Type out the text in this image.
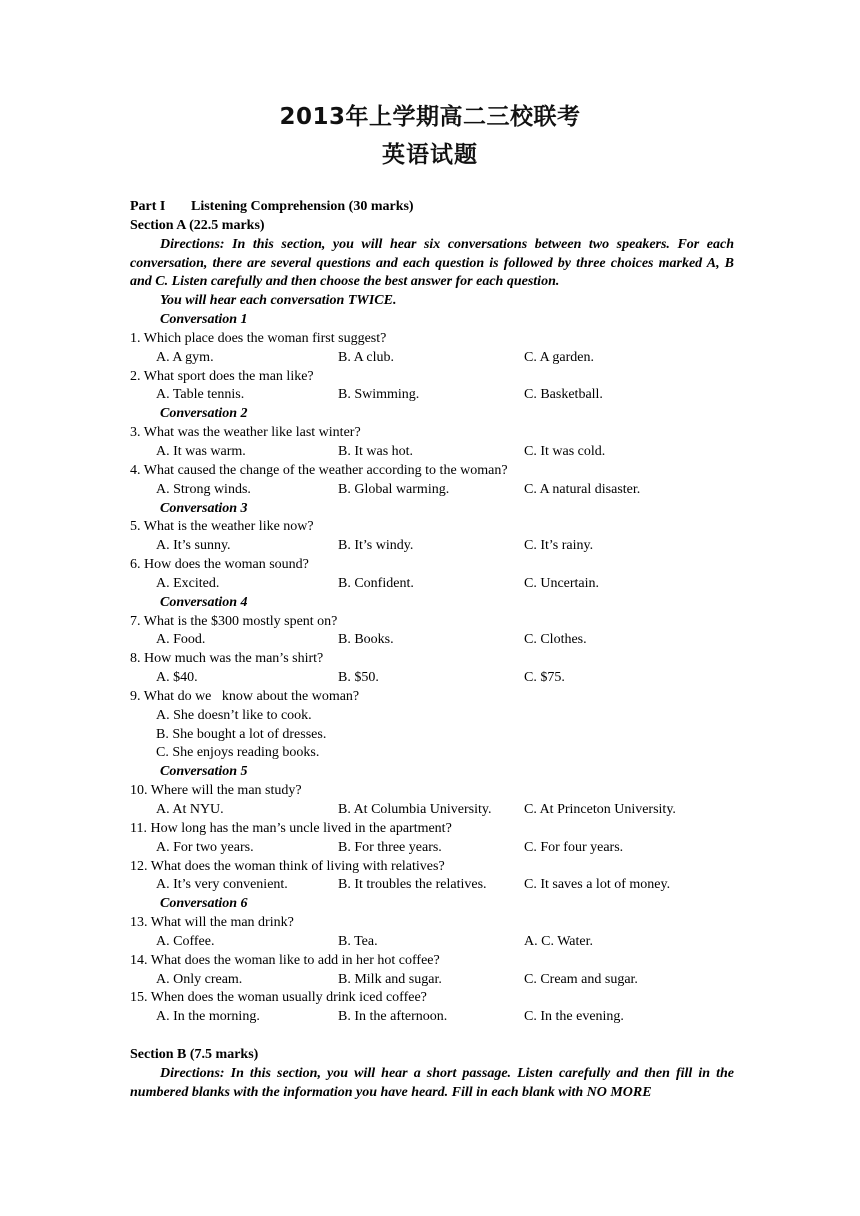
2013年上学期高二三校联考
英语试题
Part I Listening Comprehension (30 marks)
Section A (22.5 marks)
Directions: In this section, you will hear six conversations between two speakers. For each conversation, there are several questions and each question is followed by three choices marked A, B and C. Listen carefully and then choose the best answer for each question.
You will hear each conversation TWICE.
Conversation 1
1. Which place does the woman first suggest?
A. A gym.	B. A club.	C. A garden.
2. What sport does the man like?
A. Table tennis.	B. Swimming.	C. Basketball.
Conversation 2
3. What was the weather like last winter?
A. It was warm.	B. It was hot.	C. It was cold.
4. What caused the change of the weather according to the woman?
A. Strong winds.	B. Global warming.	C. A natural disaster.
Conversation 3
5. What is the weather like now?
A. It’s sunny.	B. It’s windy.	C. It’s rainy.
6. How does the woman sound?
A. Excited.	B. Confident.	C. Uncertain.
Conversation 4
7. What is the $300 mostly spent on?
A. Food.	B. Books.	C. Clothes.
8. How much was the man’s shirt?
A. $40.	B. $50.	C. $75.
9. What do we   know about the woman?
A. She doesn’t like to cook.
B. She bought a lot of dresses.
C. She enjoys reading books.
Conversation 5
10. Where will the man study?
A. At NYU.	B. At Columbia University.	C. At Princeton University.
11. How long has the man’s uncle lived in the apartment?
A. For two years.	B. For three years.	C. For four years.
12. What does the woman think of living with relatives?
A. It’s very convenient.	B. It troubles the relatives.	C. It saves a lot of money.
Conversation 6
13. What will the man drink?
A. Coffee.	B. Tea.	A. C. Water.
14. What does the woman like to add in her hot coffee?
A. Only cream.	B. Milk and sugar.	C. Cream and sugar.
15. When does the woman usually drink iced coffee?
A. In the morning.	B. In the afternoon.	C. In the evening.
Section B (7.5 marks)
Directions: In this section, you will hear a short passage. Listen carefully and then fill in the numbered blanks with the information you have heard. Fill in each blank with NO MORE
